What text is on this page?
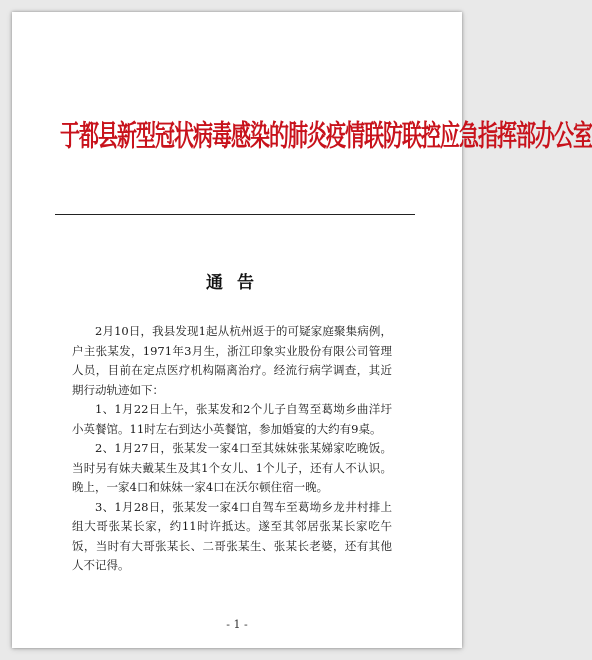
于都县新型冠状病毒感染的肺炎疫情联防联控应急指挥部办公室
通告

2月10日，我县发现1起从杭州返于的可疑家庭聚集病例，户主张某发，1971年3月生，浙江印象实业股份有限公司管理人员，目前在定点医疗机构隔离治疗。经流行病学调查，其近期行动轨迹如下：

1、1月22日上午，张某发和2个儿子自驾至葛坳乡曲洋圩小英餐馆。11时左右到达小英餐馆，参加婚宴的大约有9桌。

2、1月27日，张某发一家4口至其妹妹张某娣家吃晚饭。当时另有妹夫戴某生及其1个女儿、1个儿子，还有人不认识。晚上，一家4口和妹妹一家4口在沃尔顿住宿一晚。

3、1月28日，张某发一家4口自驾车至葛坳乡龙井村排上组大哥张某长家，约11时许抵达。遂至其邻居张某长家吃午饭，当时有大哥张某长、二哥张某生、张某长老婆，还有其他人不记得。

- 1 -
